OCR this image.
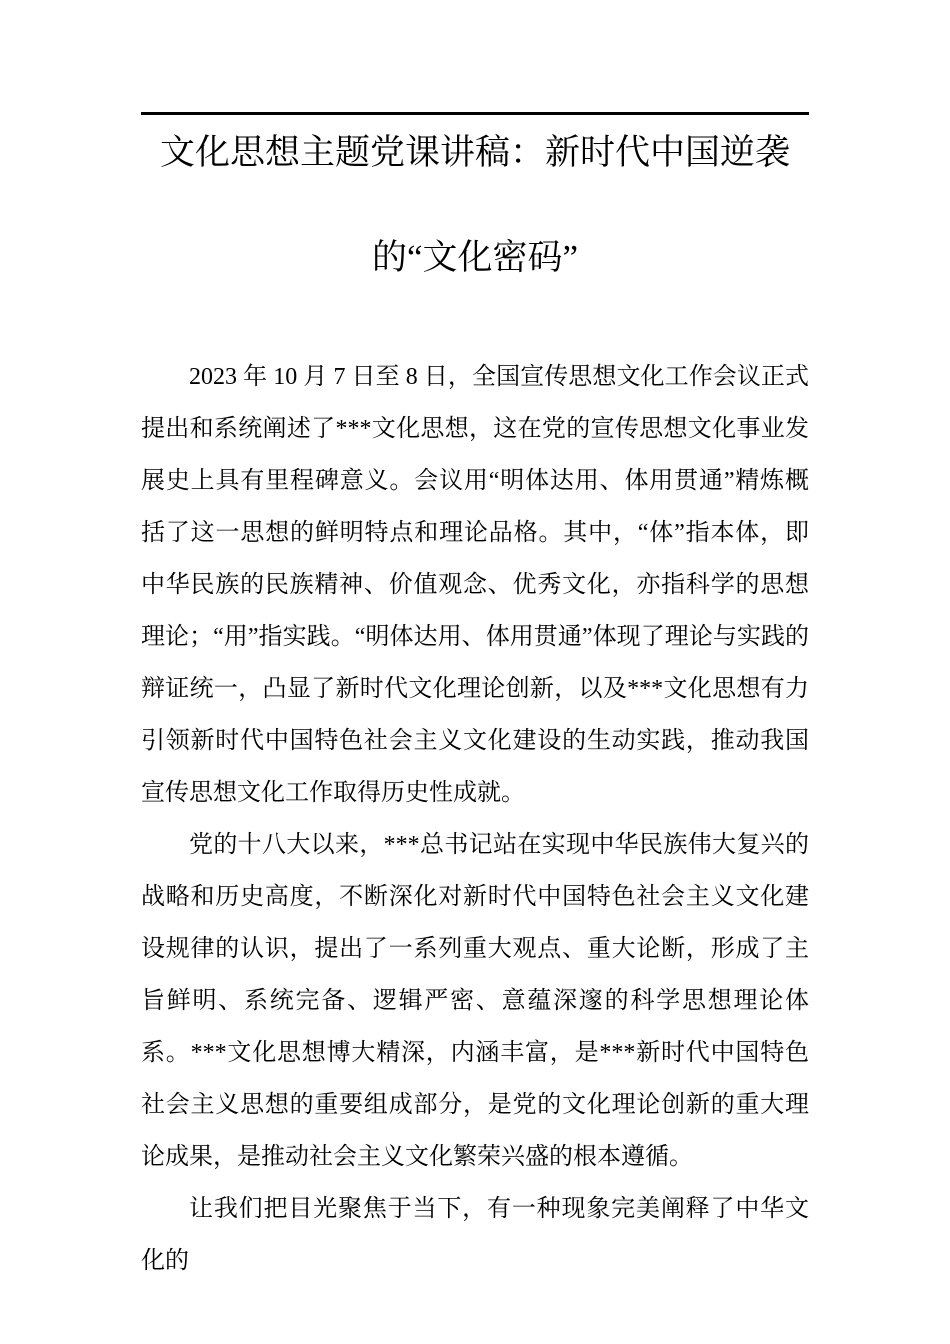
文化思想主题党课讲稿：新时代中国逆袭
的“文化密码”

2023 年 10 月 7 日至 8 日，全国宣传思想文化工作会议正式提出和系统阐述了***文化思想，这在党的宣传思想文化事业发展史上具有里程碑意义。会议用“明体达用、体用贯通”精炼概括了这一思想的鲜明特点和理论品格。其中，“体”指本体，即中华民族的民族精神、价值观念、优秀文化，亦指科学的思想理论；“用”指实践。“明体达用、体用贯通”体现了理论与实践的辩证统一，凸显了新时代文化理论创新，以及***文化思想有力引领新时代中国特色社会主义文化建设的生动实践，推动我国宣传思想文化工作取得历史性成就。

党的十八大以来，***总书记站在实现中华民族伟大复兴的战略和历史高度，不断深化对新时代中国特色社会主义文化建设规律的认识，提出了一系列重大观点、重大论断，形成了主旨鲜明、系统完备、逻辑严密、意蕴深邃的科学思想理论体系。***文化思想博大精深，内涵丰富，是***新时代中国特色社会主义思想的重要组成部分，是党的文化理论创新的重大理论成果，是推动社会主义文化繁荣兴盛的根本遵循。

让我们把目光聚焦于当下，有一种现象完美阐释了中华文化的
